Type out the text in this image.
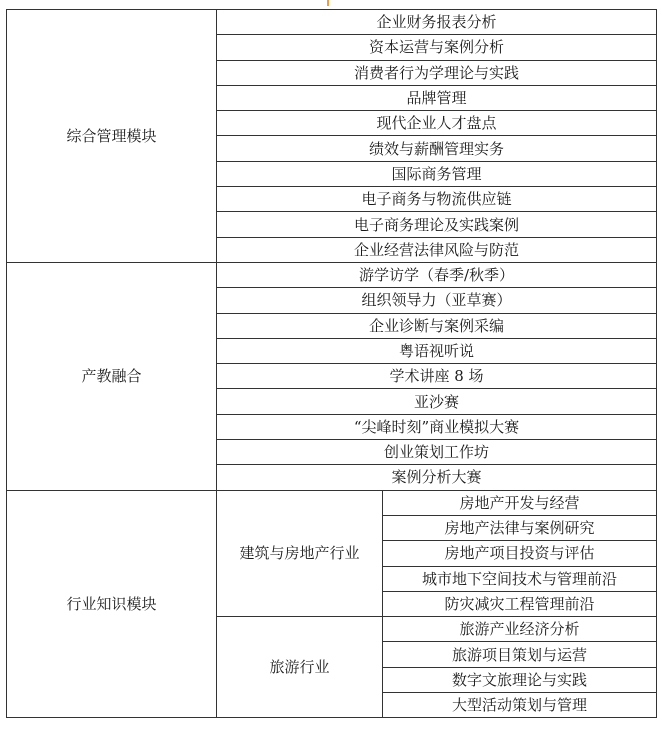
综合管理模块	企业财务报表分析	
	资本运营与案例分析	
	消费者行为学理论与实践	
	品牌管理	
	现代企业人才盘点	
	绩效与薪酬管理实务	
	国际商务管理	
	电子商务与物流供应链	
	电子商务理论及实践案例	
	企业经营法律风险与防范	
产教融合	游学访学（春季/秋季）	
	组织领导力（亚草赛）	
	企业诊断与案例采编	
	粤语视听说	
	学术讲座 8 场	
	亚沙赛	
	“尖峰时刻”商业模拟大赛	
	创业策划工作坊	
	案例分析大赛	
行业知识模块	建筑与房地产行业	房地产开发与经营
		房地产法律与案例研究
		房地产项目投资与评估
		城市地下空间技术与管理前沿
		防灾减灾工程管理前沿
	旅游行业	旅游产业经济分析
		旅游项目策划与运营
		数字文旅理论与实践
		大型活动策划与管理
